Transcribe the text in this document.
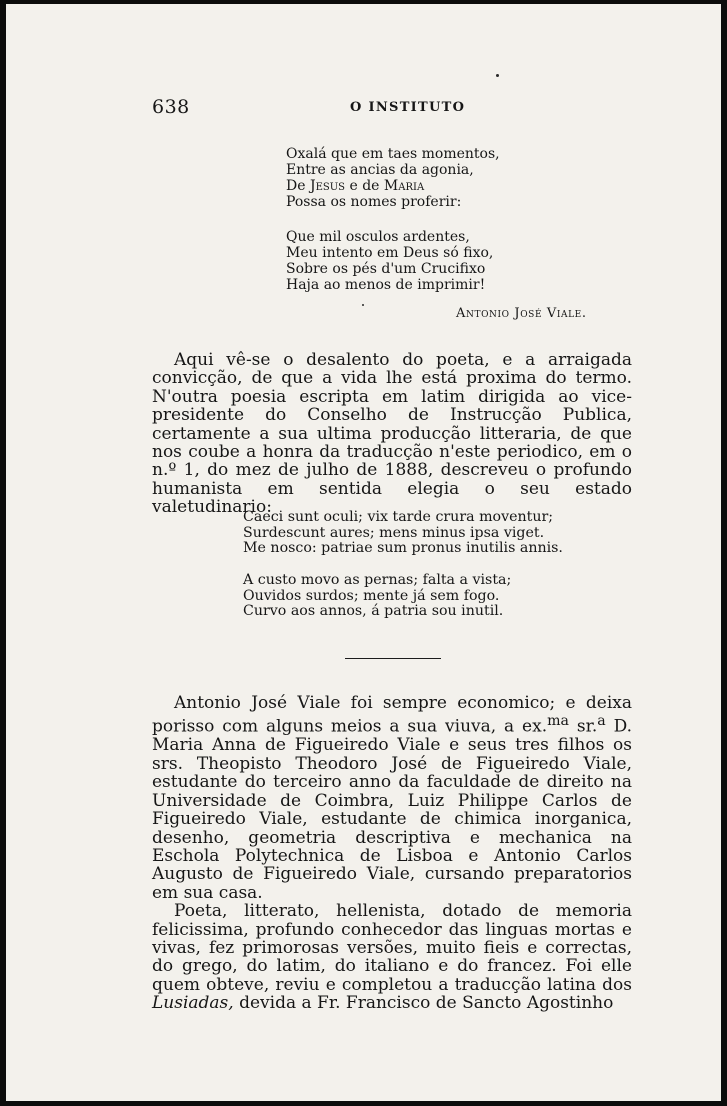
638	O INSTITUTO
Oxalá que em taes momentos,
Entre as ancias da agonia,
De Jesus e de Maria
Possa os nomes proferir:
Que mil osculos ardentes,
Meu intento em Deus só fixo,
Sobre os pés d'um Crucifixo
Haja ao menos de imprimir!
Antonio José Viale.

Aqui vê-se o desalento do poeta, e a arraigada convicção, de que a vida lhe está proxima do termo. N'outra poesia escripta em latim dirigida ao vice-presidente do Conselho de Instrucção Publica, certamente a sua ultima producção litteraria, de que nos coube a honra da traducção n'este periodico, em o n.º 1, do mez de julho de 1888, descreveu o profundo humanista em sentida elegia o seu estado valetudinario:

Caeci sunt oculi; vix tarde crura moventur;
Surdescunt aures; mens minus ipsa viget.
Me nosco: patriae sum pronus inutilis annis.
A custo movo as pernas; falta a vista;
Ouvidos surdos; mente já sem fogo.
Curvo aos annos, á patria sou inutil.

Antonio José Viale foi sempre economico; e deixa porisso com alguns meios a sua viuva, a ex.$^{ma}$ sr.$^a$ D. Maria Anna de Figueiredo Viale e seus tres filhos os srs. Theopisto Theodoro José de Figueiredo Viale, estudante do terceiro anno da faculdade de direito na Universidade de Coimbra, Luiz Philippe Carlos de Figueiredo Viale, estudante de chimica inorganica, desenho, geometria descriptiva e mechanica na Eschola Polytechnica de Lisboa e Antonio Carlos Augusto de Figueiredo Viale, cursando preparatorios em sua casa.

Poeta, litterato, hellenista, dotado de memoria felicissima, profundo conhecedor das linguas mortas e vivas, fez primorosas versões, muito fieis e correctas, do grego, do latim, do italiano e do francez. Foi elle quem obteve, reviu e completou a traducção latina dos Lusiadas, devida a Fr. Francisco de Sancto Agostinho
